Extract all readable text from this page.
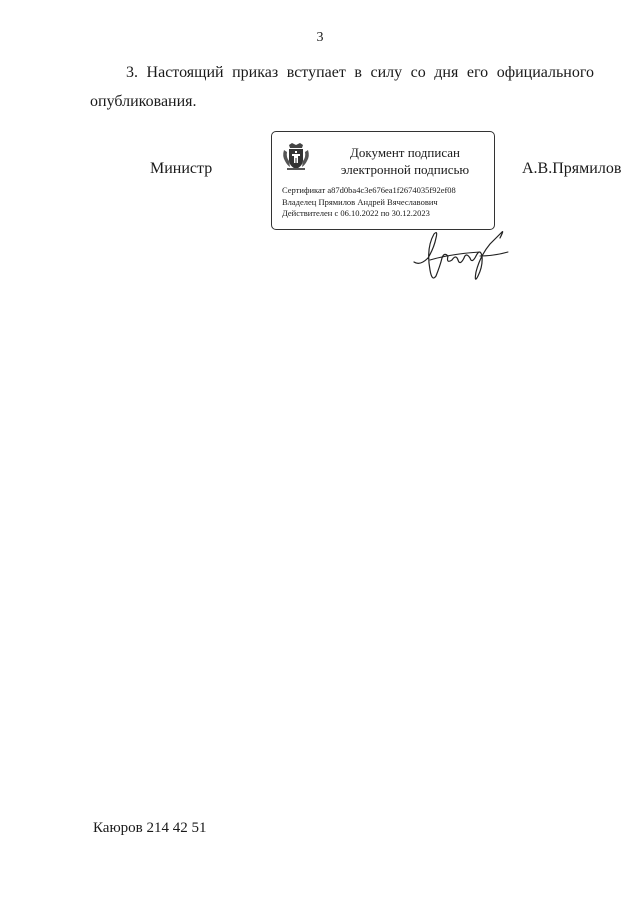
3

3. Настоящий приказ вступает в силу со дня его официального опубликования.

Министр
Документ подписан
электронной подписью
Сертификат a87d0ba4c3e676ea1f2674035f92ef08
Владелец Прямилов Андрей Вячеславович
Действителен с 06.10.2022 по 30.12.2023
А.В.Прямилов
Каюров 214 42 51
